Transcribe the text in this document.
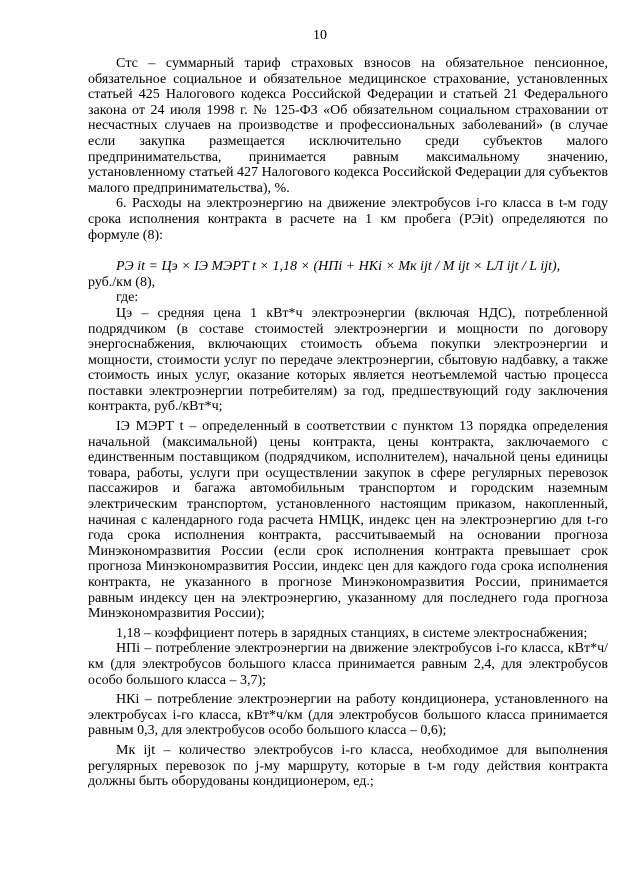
10

Cтс – суммарный тариф страховых взносов на обязательное пенсионное, обязательное социальное и обязательное медицинское страхование, установленных статьей 425 Налогового кодекса Российской Федерации и статьей 21 Федерального закона от 24 июля 1998 г. № 125-ФЗ «Об обязательном социальном страховании от несчастных случаев на производстве и профессиональных заболеваний» (в случае если закупка размещается исключительно среди субъектов малого предпринимательства, принимается равным максимальному значению, установленному статьей 427 Налогового кодекса Российской Федерации для субъектов малого предпринимательства), %.

6. Расходы на электроэнергию на движение электробусов i-го класса в t-м году срока исполнения контракта в расчете на 1 км пробега (PЭit) определяются по формуле (8):

PЭ it = Цэ × IЭ МЭРТ t × 1,18 × (HПi + HКi × Mк ijt / M ijt × LЛ ijt / L ijt),

руб./км (8),

где:

Цэ – средняя цена 1 кВт*ч электроэнергии (включая НДС), потребленной подрядчиком (в составе стоимостей электроэнергии и мощности по договору энергоснабжения, включающих стоимость объема покупки электроэнергии и мощности, стоимости услуг по передаче электроэнергии, сбытовую надбавку, а также стоимость иных услуг, оказание которых является неотъемлемой частью процесса поставки электроэнергии потребителям) за год, предшествующий году заключения контракта, руб./кВт*ч;

IЭ МЭРТ t – определенный в соответствии с пунктом 13 порядка определения начальной (максимальной) цены контракта, цены контракта, заключаемого с единственным поставщиком (подрядчиком, исполнителем), начальной цены единицы товара, работы, услуги при осуществлении закупок в сфере регулярных перевозок пассажиров и багажа автомобильным транспортом и городским наземным электрическим транспортом, установленного настоящим приказом, накопленный, начиная с календарного года расчета НМЦК, индекс цен на электроэнергию для t-го года срока исполнения контракта, рассчитываемый на основании прогноза Минэкономразвития России (если срок исполнения контракта превышает срок прогноза Минэкономразвития России, индекс цен для каждого года срока исполнения контракта, не указанного в прогнозе Минэкономразвития России, принимается равным индексу цен на электроэнергию, указанному для последнего года прогноза Минэкономразвития России);

1,18 – коэффициент потерь в зарядных станциях, в системе электроснабжения;

HПi – потребление электроэнергии на движение электробусов i-го класса, кВт*ч/км (для электробусов большого класса принимается равным 2,4, для электробусов особо большого класса – 3,7);

HКi – потребление электроэнергии на работу кондиционера, установленного на электробусах i-го класса, кВт*ч/км (для электробусов большого класса принимается равным 0,3, для электробусов особо большого класса – 0,6);

Mк ijt – количество электробусов i-го класса, необходимое для выполнения регулярных перевозок по j-му маршруту, которые в t-м году действия контракта должны быть оборудованы кондиционером, ед.;
